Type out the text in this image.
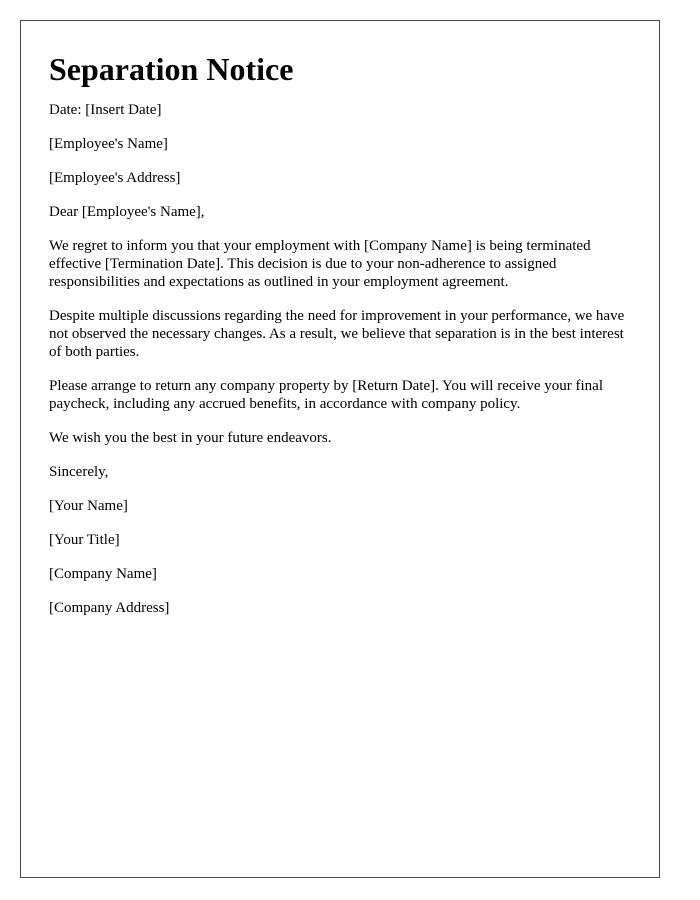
Separation Notice

Date: [Insert Date]

[Employee's Name]

[Employee's Address]

Dear [Employee's Name],

We regret to inform you that your employment with [Company Name] is being terminated effective [Termination Date]. This decision is due to your non-adherence to assigned responsibilities and expectations as outlined in your employment agreement.

Despite multiple discussions regarding the need for improvement in your performance, we have not observed the necessary changes. As a result, we believe that separation is in the best interest of both parties.

Please arrange to return any company property by [Return Date]. You will receive your final paycheck, including any accrued benefits, in accordance with company policy.

We wish you the best in your future endeavors.

Sincerely,

[Your Name]

[Your Title]

[Company Name]

[Company Address]
